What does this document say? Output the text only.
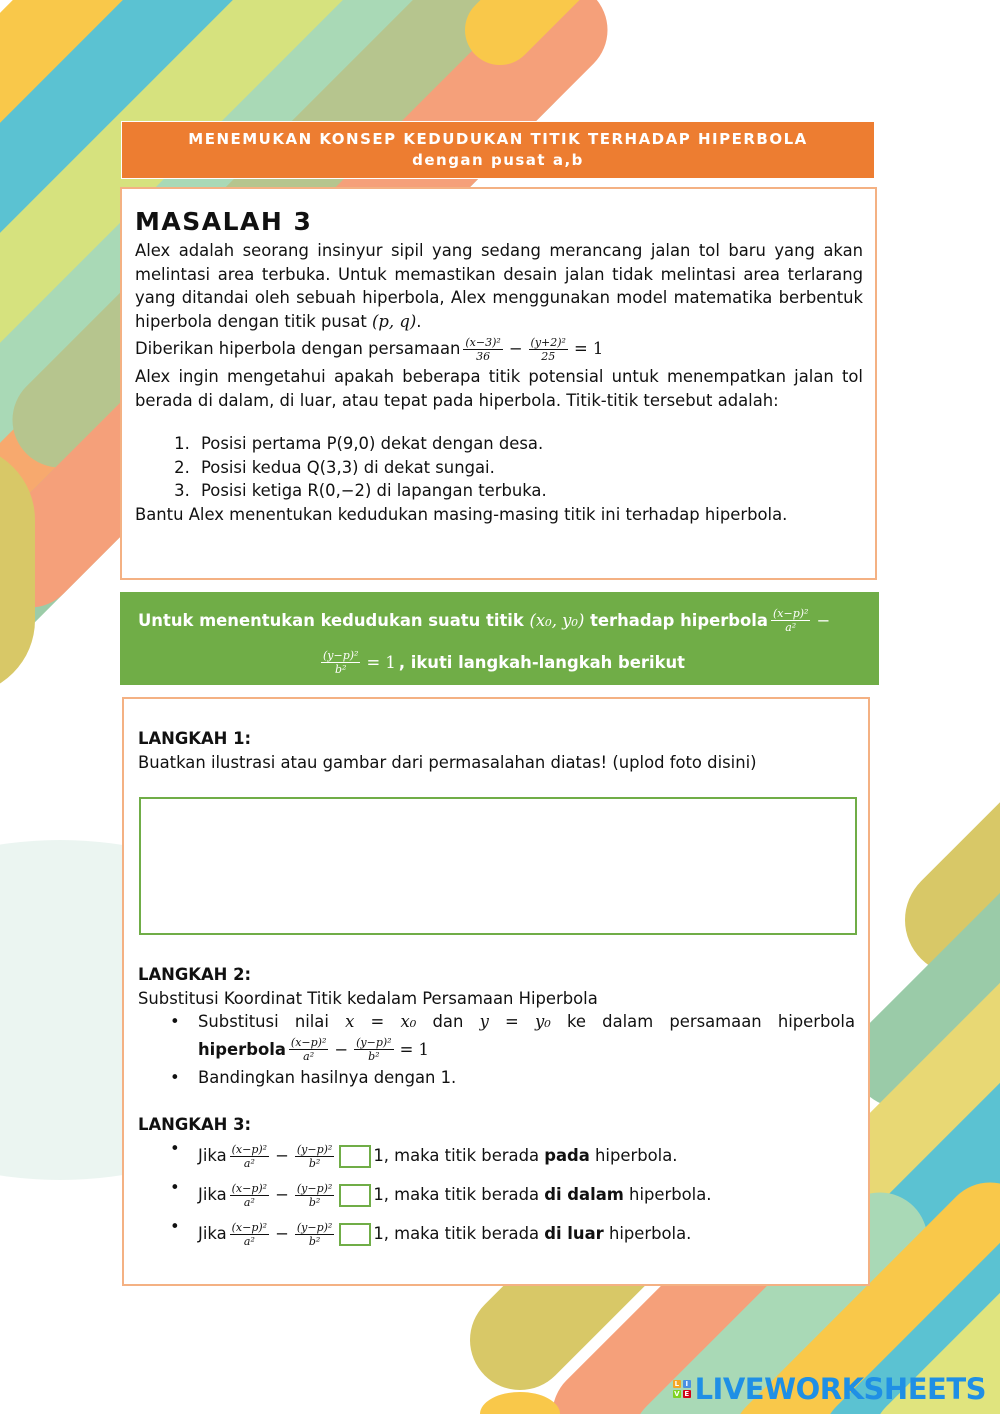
MENEMUKAN KONSEP KEDUDUKAN TITIK TERHADAP HIPERBOLA
dengan pusat a,b
MASALAH 3
Alex adalah seorang insinyur sipil yang sedang merancang jalan tol baru yang akan melintasi area terbuka. Untuk memastikan desain jalan tidak melintasi area terlarang yang ditandai oleh sebuah hiperbola, Alex menggunakan model matematika berbentuk hiperbola dengan titik pusat (p, q).
Diberikan hiperbola dengan persamaan $\frac{\text{(x−3)²}}{36} - \frac{\text{(y+2)²}}{25} = 1$
Alex ingin mengetahui apakah beberapa titik potensial untuk menempatkan jalan tol berada di dalam, di luar, atau tepat pada hiperbola. Titik-titik tersebut adalah:
1. Posisi pertama P(9,0) dekat dengan desa.
2. Posisi kedua Q(3,3) di dekat sungai.
3. Posisi ketiga R(0,−2) di lapangan terbuka.
Bantu Alex menentukan kedudukan masing-masing titik ini terhadap hiperbola.
Untuk menentukan kedudukan suatu titik
(x₀, y₀)
terhadap hiperbola $\frac{\text{(x−p)²}}{\text{a²}}$ −
$\frac{\text{(y−p)²}}{\text{b²}} = 1$ , ikuti langkah-langkah berikut
LANGKAH 1:
Buatkan ilustrasi atau gambar dari permasalahan diatas! (uplod foto disini)
LANGKAH 2:
Substitusi Koordinat Titik kedalam Persamaan Hiperbola
• Substitusi nilai x = x₀ dan y = y₀ ke dalam persamaan hiperbola
hiperbola $\frac{\text{(x−p)²}}{\text{a²}} - \frac{\text{(y−p)²}}{\text{b²}} = 1$
• Bandingkan hasilnya dengan 1.
LANGKAH 3:
• Jika $\frac{\text{(x−p)²}}{\text{a²}} - \frac{\text{(y−p)²}}{\text{b²}} 1$ , maka titik berada pada hiperbola.
• Jika $\frac{\text{(x−p)²}}{\text{a²}} - \frac{\text{(y−p)²}}{\text{b²}} 1$ , maka titik berada di dalam hiperbola.
• Jika $\frac{\text{(x−p)²}}{\text{a²}} - \frac{\text{(y−p)²}}{\text{b²}} 1$ , maka titik berada di luar hiperbola.
L I
V E LIVEWORKSHEETS
